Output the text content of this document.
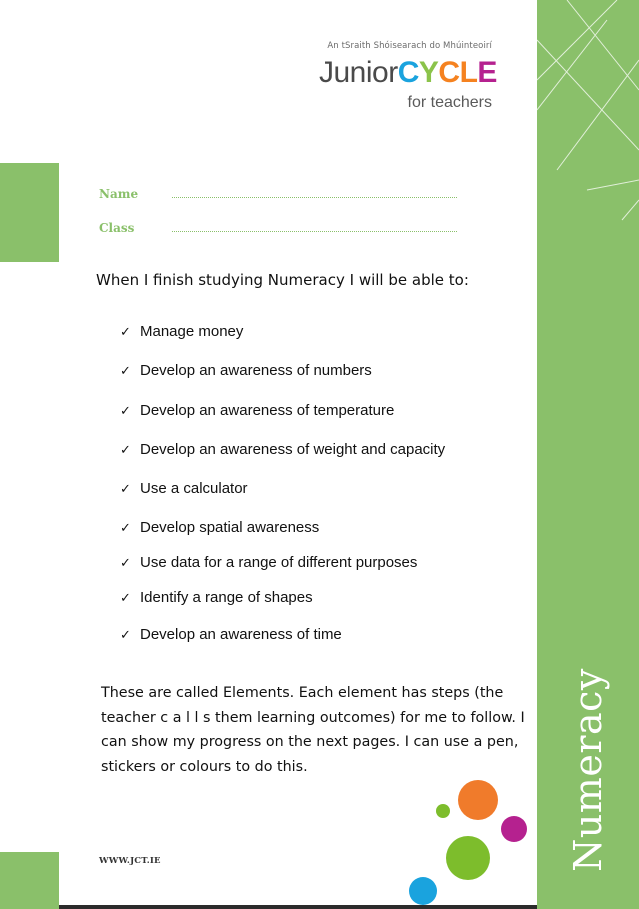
An tSraith Shóisearach do Mhúinteoirí
JuniorCYCLE
for teachers
Name
Class
When I finish studying Numeracy I will be able to:
✓ Manage money
✓ Develop an awareness of numbers
✓ Develop an awareness of temperature
✓ Develop an awareness of weight and capacity
✓ Use a calculator
✓ Develop spatial awareness
✓ Use data for a range of different purposes
✓ Identify a range of shapes
✓ Develop an awareness of time
These are called Elements. Each element has steps (the
teacher c a l l s them learning outcomes) for me to follow. I
can show my progress on the next pages. I can use a pen,
stickers or colours to do this.
WWW.JCT.IE	Numeracy
